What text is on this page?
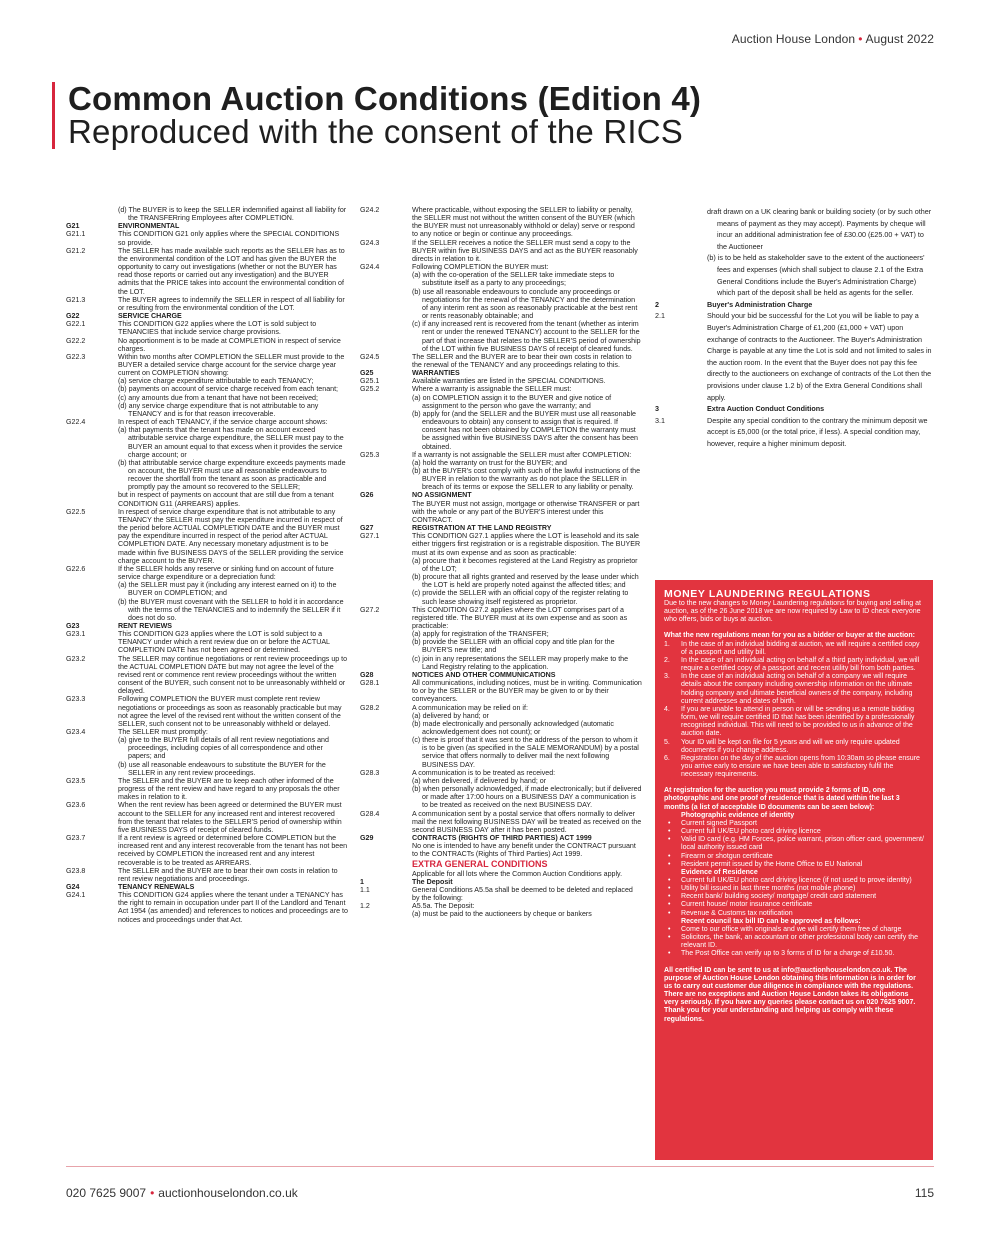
Auction House London • August 2022
Common Auction Conditions (Edition 4)
Reproduced with the consent of the RICS
(d) The BUYER is to keep the SELLER indemnified against all liability for the TRANSFERring Employees after COMPLETION.
G21	ENVIRONMENTAL
G21.1	This CONDITION G21 only applies where the SPECIAL CONDITIONS so provide.
G21.2	The SELLER has made available such reports as the SELLER has as to the environmental condition of the LOT and has given the BUYER the opportunity to carry out investigations (whether or not the BUYER has read those reports or carried out any investigation) and the BUYER admits that the PRICE takes into account the environmental condition of the LOT.
G21.3	The BUYER agrees to indemnify the SELLER in respect of all liability for or resulting from the environmental condition of the LOT.
G22	SERVICE CHARGE
G22.1	This CONDITION G22 applies where the LOT is sold subject to TENANCIES that include service charge provisions.
G22.2	No apportionment is to be made at COMPLETION in respect of service charges.
G22.3	Within two months after COMPLETION the SELLER must provide to the BUYER a detailed service charge account for the service charge year current on COMPLETION showing:
(a) service charge expenditure attributable to each TENANCY;
(b) payments on account of service charge received from each tenant;
(c) any amounts due from a tenant that have not been received;
(d) any service charge expenditure that is not attributable to any TENANCY and is for that reason irrecoverable.
G22.4	In respect of each TENANCY, if the service charge account shows:
(a) that payments that the tenant has made on account exceed attributable service charge expenditure, the SELLER must pay to the BUYER an amount equal to that excess when it provides the service charge account; or
(b) that attributable service charge expenditure exceeds payments made on account, the BUYER must use all reasonable endeavours to recover the shortfall from the tenant as soon as practicable and promptly pay the amount so recovered to the SELLER;
but in respect of payments on account that are still due from a tenant CONDITION G11 (ARREARS) applies.
G22.5	In respect of service charge expenditure that is not attributable to any TENANCY the SELLER must pay the expenditure incurred in respect of the period before ACTUAL COMPLETION DATE and the BUYER must pay the expenditure incurred in respect of the period after ACTUAL COMPLETION DATE. Any necessary monetary adjustment is to be made within five BUSINESS DAYS of the SELLER providing the service charge account to the BUYER.
G22.6	If the SELLER holds any reserve or sinking fund on account of future service charge expenditure or a depreciation fund:
(a) the SELLER must pay it (including any interest earned on it) to the BUYER on COMPLETION; and
(b) the BUYER must covenant with the SELLER to hold it in accordance with the terms of the TENANCIES and to indemnify the SELLER if it does not do so.
G23	RENT REVIEWS
G23.1	This CONDITION G23 applies where the LOT is sold subject to a TENANCY under which a rent review due on or before the ACTUAL COMPLETION DATE has not been agreed or determined.
G23.2	The SELLER may continue negotiations or rent review proceedings up to the ACTUAL COMPLETION DATE but may not agree the level of the revised rent or commence rent review proceedings without the written consent of the BUYER, such consent not to be unreasonably withheld or delayed.
G23.3	Following COMPLETION the BUYER must complete rent review negotiations or proceedings as soon as reasonably practicable but may not agree the level of the revised rent without the written consent of the SELLER, such consent not to be unreasonably withheld or delayed.
G23.4	The SELLER must promptly:
(a) give to the BUYER full details of all rent review negotiations and proceedings, including copies of all correspondence and other papers; and
(b) use all reasonable endeavours to substitute the BUYER for the SELLER in any rent review proceedings.
G23.5	The SELLER and the BUYER are to keep each other informed of the progress of the rent review and have regard to any proposals the other makes in relation to it.
G23.6	When the rent review has been agreed or determined the BUYER must account to the SELLER for any increased rent and interest recovered from the tenant that relates to the SELLER'S period of ownership within five BUSINESS DAYS of receipt of cleared funds.
G23.7	If a rent review is agreed or determined before COMPLETION but the increased rent and any interest recoverable from the tenant has not been received by COMPLETION the increased rent and any interest recoverable is to be treated as ARREARS.
G23.8	The SELLER and the BUYER are to bear their own costs in relation to rent review negotiations and proceedings.
G24	TENANCY RENEWALS
G24.1	This CONDITION G24 applies where the tenant under a TENANCY has the right to remain in occupation under part II of the Landlord and Tenant Act 1954 (as amended) and references to notices and proceedings are to notices and proceedings under that Act.
G24.2	Where practicable, without exposing the SELLER to liability or penalty, the SELLER must not without the written consent of the BUYER (which the BUYER must not unreasonably withhold or delay) serve or respond to any notice or begin or continue any proceedings.
G24.3	If the SELLER receives a notice the SELLER must send a copy to the BUYER within five BUSINESS DAYS and act as the BUYER reasonably directs in relation to it.
G24.4	Following COMPLETION the BUYER must:
(a) with the co-operation of the SELLER take immediate steps to substitute itself as a party to any proceedings;
(b) use all reasonable endeavours to conclude any proceedings or negotiations for the renewal of the TENANCY and the determination of any interim rent as soon as reasonably practicable at the best rent or rents reasonably obtainable; and
(c) if any increased rent is recovered from the tenant (whether as interim rent or under the renewed TENANCY) account to the SELLER for the part of that increase that relates to the SELLER'S period of ownership of the LOT within five BUSINESS DAYS of receipt of cleared funds.
G24.5	The SELLER and the BUYER are to bear their own costs in relation to the renewal of the TENANCY and any proceedings relating to this.
G25	WARRANTIES
G25.1	Available warranties are listed in the SPECIAL CONDITIONS.
G25.2	Where a warranty is assignable the SELLER must:
(a) on COMPLETION assign it to the BUYER and give notice of assignment to the person who gave the warranty; and
(b) apply for (and the SELLER and the BUYER must use all reasonable endeavours to obtain) any consent to assign that is required. If consent has not been obtained by COMPLETION the warranty must be assigned within five BUSINESS DAYS after the consent has been obtained.
G25.3	If a warranty is not assignable the SELLER must after COMPLETION:
(a) hold the warranty on trust for the BUYER; and
(b) at the BUYER's cost comply with such of the lawful instructions of the BUYER in relation to the warranty as do not place the SELLER in breach of its terms or expose the SELLER to any liability or penalty.
G26	NO ASSIGNMENT
The BUYER must not assign, mortgage or otherwise TRANSFER or part with the whole or any part of the BUYER'S interest under this CONTRACT.
G27	REGISTRATION AT THE LAND REGISTRY
G27.1	This CONDITION G27.1 applies where the LOT is leasehold and its sale either triggers first registration or is a registrable disposition. The BUYER must at its own expense and as soon as practicable:
(a) procure that it becomes registered at the Land Registry as proprietor of the LOT;
(b) procure that all rights granted and reserved by the lease under which the LOT is held are properly noted against the affected titles; and
(c) provide the SELLER with an official copy of the register relating to such lease showing itself registered as proprietor.
G27.2	This CONDITION G27.2 applies where the LOT comprises part of a registered title. The BUYER must at its own expense and as soon as practicable:
(a) apply for registration of the TRANSFER;
(b) provide the SELLER with an official copy and title plan for the BUYER'S new title; and
(c) join in any representations the SELLER may properly make to the Land Registry relating to the application.
G28	NOTICES AND OTHER COMMUNICATIONS
G28.1	All communications, including notices, must be in writing. Communication to or by the SELLER or the BUYER may be given to or by their conveyancers.
G28.2	A communication may be relied on if:
(a) delivered by hand; or
(b) made electronically and personally acknowledged (automatic acknowledgement does not count); or
(c) there is proof that it was sent to the address of the person to whom it is to be given (as specified in the SALE MEMORANDUM) by a postal service that offers normally to deliver mail the next following BUSINESS DAY.
G28.3	A communication is to be treated as received:
(a) when delivered, if delivered by hand; or
(b) when personally acknowledged, if made electronically; but if delivered or made after 17:00 hours on a BUSINESS DAY a communication is to be treated as received on the next BUSINESS DAY.
G28.4	A communication sent by a postal service that offers normally to deliver mail the next following BUSINESS DAY will be treated as received on the second BUSINESS DAY after it has been posted.
G29	CONTRACTS (RIGHTS OF THIRD PARTIES) ACT 1999
No one is intended to have any benefit under the CONTRACT pursuant to the CONTRACTs (Rights of Third Parties) Act 1999.
EXTRA GENERAL CONDITIONS
Applicable for all lots where the Common Auction Conditions apply.
1	The Deposit
1.1	General Conditions A5.5a shall be deemed to be deleted and replaced by the following:
1.2	A5.5a. The Deposit:
(a) must be paid to the auctioneers by cheque or bankers
draft drawn on a UK clearing bank or building society (or by such other means of payment as they may accept). Payments by cheque will incur an additional administration fee of £30.00 (£25.00 + VAT) to the Auctioneer
(b) is to be held as stakeholder save to the extent of the auctioneers' fees and expenses (which shall subject to clause 2.1 of the Extra General Conditions include the Buyer's Administration Charge) which part of the deposit shall be held as agents for the seller.
2	Buyer's Administration Charge
2.1	Should your bid be successful for the Lot you will be liable to pay a Buyer's Administration Charge of £1,200 (£1,000 + VAT) upon exchange of contracts to the Auctioneer. The Buyer's Administration Charge is payable at any time the Lot is sold and not limited to sales in the auction room. In the event that the Buyer does not pay this fee directly to the auctioneers on exchange of contracts of the Lot then the provisions under clause 1.2 b) of the Extra General Conditions shall apply.
3	Extra Auction Conduct Conditions
3.1	Despite any special condition to the contrary the minimum deposit we accept is £5,000 (or the total price, if less). A special condition may, however, require a higher minimum deposit.
MONEY LAUNDERING REGULATIONS

Due to the new changes to Money Laundering regulations for buying and selling at auction, as of the 26 June 2018 we are now required by Law to ID check everyone who offers, bids or buys at auction.

What the new regulations mean for you as a bidder or buyer at the auction:

1.	In the case of an individual bidding at auction, we will require a certified copy of a passport and utility bill.
2.	In the case of an individual acting on behalf of a third party individual, we will require a certified copy of a passport and recent utility bill from both parties.
3.	In the case of an individual acting on behalf of a company we will require details about the company including ownership information on the ultimate holding company and ultimate beneficial owners of the company, including current addresses and dates of birth.
4.	If you are unable to attend in person or will be sending us a remote bidding form, we will require certified ID that has been identified by a professionally recognised individual. This will need to be provided to us in advance of the auction date.
5.	Your ID will be kept on file for 5 years and will we only require updated documents if you change address.
6.	Registration on the day of the auction opens from 10:30am so please ensure you arrive early to ensure we have been able to satisfactory fulfil the necessary requirements.

At registration for the auction you must provide 2 forms of ID, one photographic and one proof of residence that is dated within the last 3 months (a list of acceptable ID documents can be seen below):

Photographic evidence of identity
•	Current signed Passport
•	Current full UK/EU photo card driving licence
•	Valid ID card (e.g. HM Forces, police warrant, prison officer card, government/ local authority issued card
•	Firearm or shotgun certificate
•	Resident permit issued by the Home Office to EU National
Evidence of Residence
•	Current full UK/EU photo card driving licence (if not used to prove identity)
•	Utility bill issued in last three months (not mobile phone)
•	Recent bank/ building society/ mortgage/ credit card statement
•	Current house/ motor insurance certificate
•	Revenue & Customs tax notification
Recent council tax bill ID can be approved as follows:
•	Come to our office with originals and we will certify them free of charge
•	Solicitors, the bank, an accountant or other professional body can certify the relevant ID.
•	The Post Office can verify up to 3 forms of ID for a charge of £10.50.

All certified ID can be sent to us at info@auctionhouselondon.co.uk. The purpose of Auction House London obtaining this information is in order for us to carry out customer due diligence in compliance with the regulations. There are no exceptions and Auction House London takes its obligations very seriously. If you have any queries please contact us on 020 7625 9007. Thank you for your understanding and helping us comply with these regulations.

020 7625 9007 • auctionhouselondon.co.uk	115
